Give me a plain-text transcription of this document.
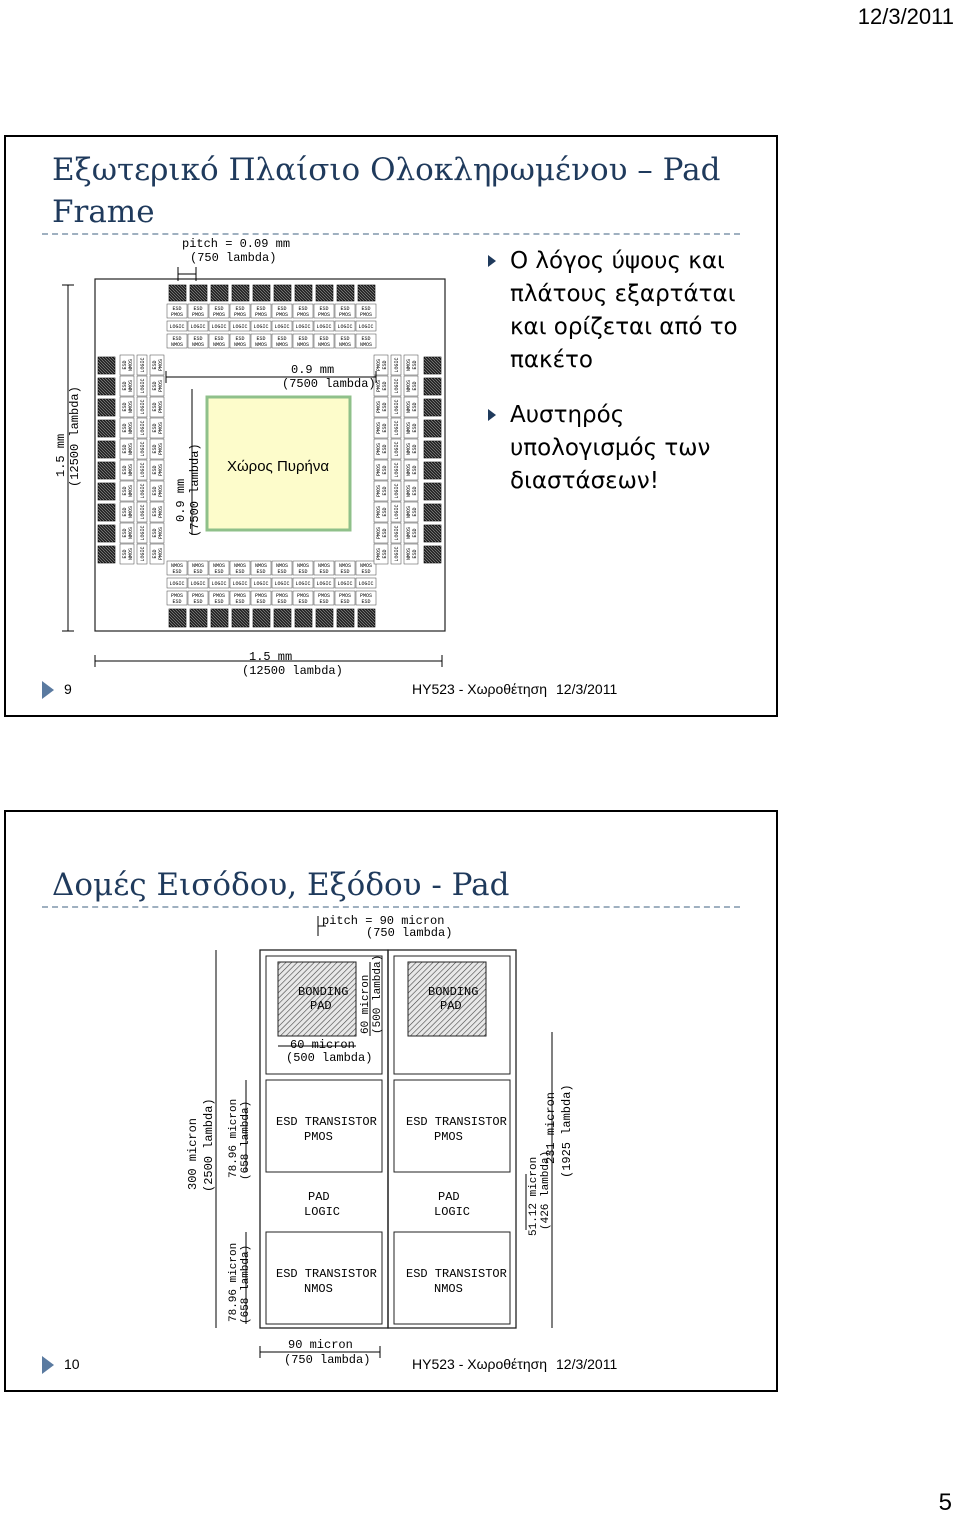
12/3/2011
Εξωτερικό Πλαίσιο Ολοκληρωμένου – Pad Frame
ESD
PMOS
LOGIC
ESD
NMOS
ESD
PMOS
LOGIC
ESD
NMOS
ESD
PMOS
LOGIC
ESD
NMOS
ESD
PMOS
LOGIC
ESD
NMOS
ESD
PMOS
LOGIC
ESD
NMOS
ESD
PMOS
LOGIC
ESD
NMOS
ESD
PMOS
LOGIC
ESD
NMOS
ESD
PMOS
LOGIC
ESD
NMOS
ESD
PMOS
LOGIC
ESD
NMOS
ESD
PMOS
LOGIC
ESD
NMOS
NMOS
ESD
LOGIC
PMOS
ESD
NMOS
ESD
LOGIC
PMOS
ESD
NMOS
ESD
LOGIC
PMOS
ESD
NMOS
ESD
LOGIC
PMOS
ESD
NMOS
ESD
LOGIC
PMOS
ESD
NMOS
ESD
LOGIC
PMOS
ESD
NMOS
ESD
LOGIC
PMOS
ESD
NMOS
ESD
LOGIC
PMOS
ESD
NMOS
ESD
LOGIC
PMOS
ESD
NMOS
ESD
LOGIC
PMOS
ESD
ESD NMOS LOGIC ESD PMOS
ESD NMOS LOGIC ESD PMOS
ESD NMOS LOGIC ESD PMOS
ESD NMOS LOGIC ESD PMOS
ESD NMOS LOGIC ESD PMOS
ESD NMOS LOGIC ESD PMOS
ESD NMOS LOGIC ESD PMOS
ESD NMOS LOGIC ESD PMOS
ESD NMOS LOGIC ESD PMOS
ESD NMOS LOGIC ESD PMOS
PMOS ESD LOGIC NMOS ESD
PMOS ESD LOGIC NMOS ESD
PMOS ESD LOGIC NMOS ESD
PMOS ESD LOGIC NMOS ESD
PMOS ESD LOGIC NMOS ESD
PMOS ESD LOGIC NMOS ESD
PMOS ESD LOGIC NMOS ESD
PMOS ESD LOGIC NMOS ESD
PMOS ESD LOGIC NMOS ESD
PMOS ESD LOGIC NMOS ESD
Χώρος Πυρήνα
pitch = 0.09 mm
(750 lambda)
0.9 mm
(7500 lambda)
0.9 mm (7500 lambda)
1.5 mm (12500 lambda)
1.5 mm
(12500 lambda)
Ο λόγος ύψους και πλάτους εξαρτάται και ορίζεται από το πακέτο
Αυστηρός υπολογισμός των διαστάσεων!
9	ΗΥ523 - Χωροθέτηση 12/3/2011
Δομές Εισόδου, Εξόδου - Pad
pitch = 90 micron
(750 lambda)
BONDING
PAD
ESD TRANSISTOR
PMOS
PAD
LOGIC
ESD TRANSISTOR
NMOS
BONDING
PAD
ESD TRANSISTOR
PMOS
PAD
LOGIC
ESD TRANSISTOR
NMOS
60 micron
(500 lambda)
60 micron (500 lambda)
300 micron (2500 lambda) 78.96 micron (658 lambda)
78.96 micron (658 lambda)
231 micron (1925 lambda)
51.12 micron (426 lambda)
90 micron
(750 lambda)
10	ΗΥ523 - Χωροθέτηση 12/3/2011
5
